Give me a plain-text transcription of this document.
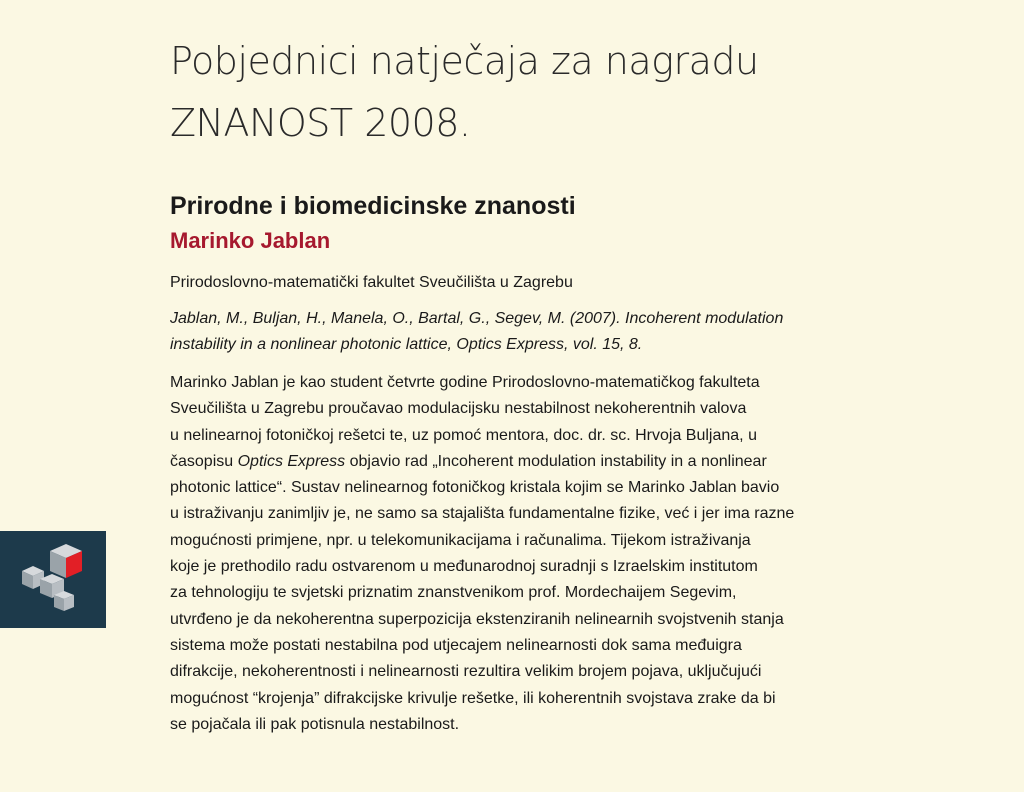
Pobjednici natječaja za nagradu
ZNANOST 2008.
Prirodne i biomedicinske znanosti
Marinko Jablan

Prirodoslovno-matematički fakultet Sveučilišta u Zagrebu

Jablan, M., Buljan, H., Manela, O., Bartal, G., Segev, M. (2007). Incoherent modulation
instability in a nonlinear photonic lattice, Optics Express, vol. 15, 8.

Marinko Jablan je kao student četvrte godine Prirodoslovno-matematičkog fakulteta
Sveučilišta u Zagrebu proučavao modulacijsku nestabilnost nekoherentnih valova
u nelinearnoj fotoničkoj rešetci te, uz pomoć mentora, doc. dr. sc. Hrvoja Buljana, u
časopisu Optics Express objavio rad „Incoherent modulation instability in a nonlinear
photonic lattice“. Sustav nelinearnog fotoničkog kristala kojim se Marinko Jablan bavio
u istraživanju zanimljiv je, ne samo sa stajališta fundamentalne fizike, već i jer ima razne
mogućnosti primjene, npr. u telekomunikacijama i računalima. Tijekom istraživanja
koje je prethodilo radu ostvarenom u međunarodnoj suradnji s Izraelskim institutom
za tehnologiju te svjetski priznatim znanstvenikom prof. Mordechaijem Segevim,
utvrđeno je da nekoherentna superpozicija ekstenziranih nelinearnih svojstvenih stanja
sistema može postati nestabilna pod utjecajem nelinearnosti dok sama međuigra
difrakcije, nekoherentnosti i nelinearnosti rezultira velikim brojem pojava, uključujući
mogućnost “krojenja” difrakcijske krivulje rešetke, ili koherentnih svojstava zrake da bi
se pojačala ili pak potisnula nestabilnost.
